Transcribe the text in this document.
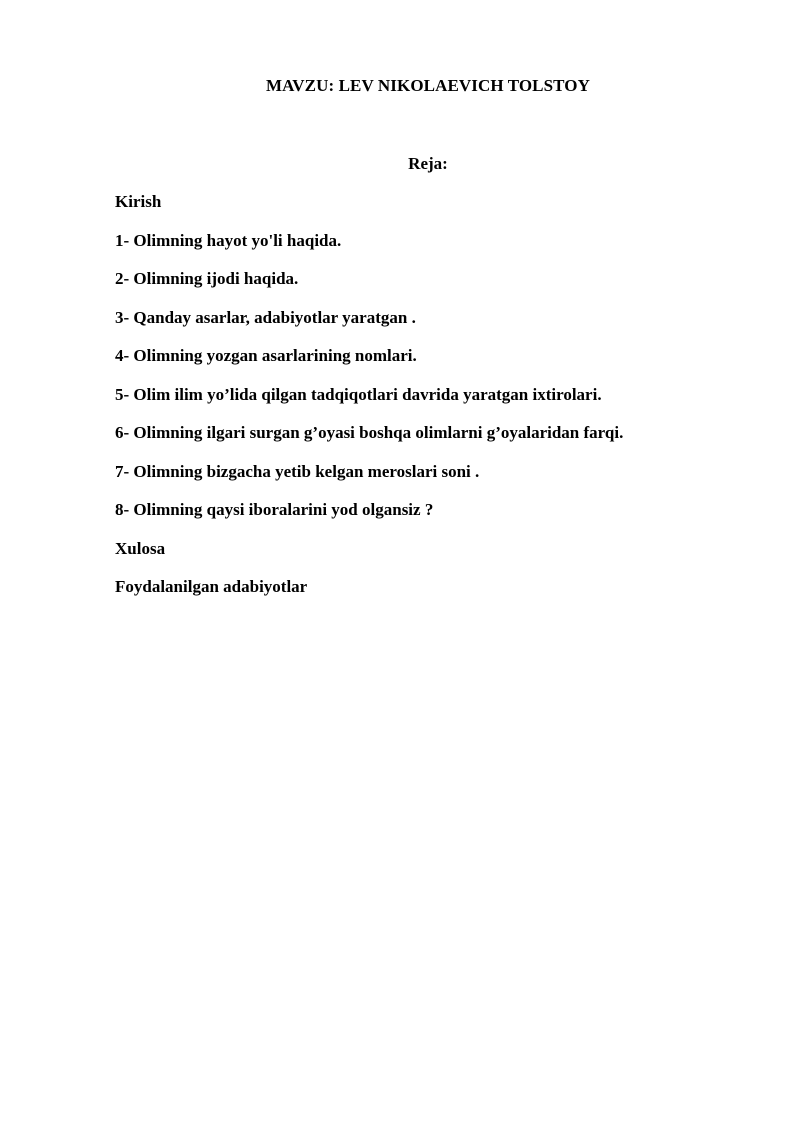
MAVZU: LEV NIKOLAEVICH TOLSTOY
Reja:
Kirish
1- Olimning hayot yo'li haqida.
2- Olimning ijodi haqida.
3- Qanday asarlar, adabiyotlar yaratgan .
4- Olimning yozgan asarlarining nomlari.
5- Olim ilim yo’lida qilgan tadqiqotlari davrida yaratgan ixtirolari.
6- Olimning ilgari surgan g’oyasi boshqa olimlarni g’oyalaridan farqi.
7- Olimning bizgacha yetib kelgan meroslari soni .
8- Olimning qaysi iboralarini yod olgansiz ?
Xulosa
Foydalanilgan adabiyotlar
